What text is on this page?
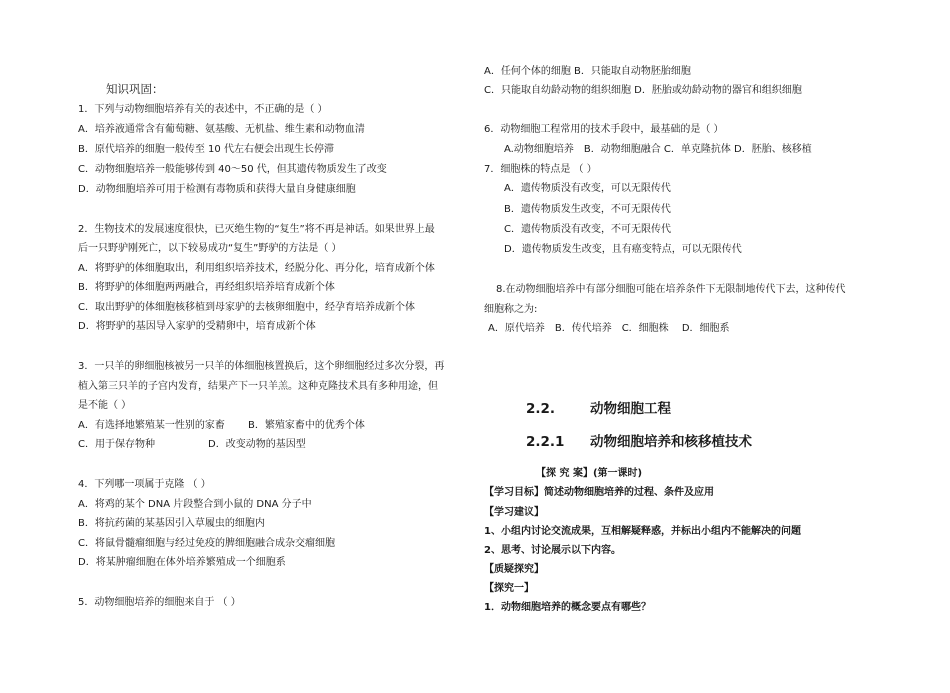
知识巩固：
1．下列与动物细胞培养有关的表述中，不正确的是（ ）
A．培养液通常含有葡萄糖、氨基酸、无机盐、维生素和动物血清
B．原代培养的细胞一般传至 10 代左右便会出现生长停滞
C．动物细胞培养一般能够传到 40～50 代，但其遗传物质发生了改变
D．动物细胞培养可用于检测有毒物质和获得大量自身健康细胞
2．生物技术的发展速度很快，已灭绝生物的“复生”将不再是神话。如果世界上最
后一只野驴刚死亡，以下较易成功“复生”野驴的方法是（ ）
A．将野驴的体细胞取出，利用组织培养技术，经脱分化、再分化，培育成新个体
B．将野驴的体细胞两两融合，再经组织培养培育成新个体
C．取出野驴的体细胞核移植到母家驴的去核卵细胞中，经孕育培养成新个体
D．将野驴的基因导入家驴的受精卵中，培育成新个体
3．一只羊的卵细胞核被另一只羊的体细胞核置换后，这个卵细胞经过多次分裂，再
植入第三只羊的子宫内发育，结果产下一只羊羔。这种克隆技术具有多种用途，但
是不能（ ）
A．有选择地繁殖某一性别的家畜 B．繁殖家畜中的优秀个体
C．用于保存物种	D．改变动物的基因型
4．下列哪一项属于克隆 （ ）
A．将鸡的某个 DNA 片段整合到小鼠的 DNA 分子中
B．将抗药菌的某基因引入草履虫的细胞内
C．将鼠骨髓瘤细胞与经过免疫的脾细胞融合成杂交瘤细胞
D．将某肿瘤细胞在体外培养繁殖成一个细胞系
5．动物细胞培养的细胞来自于 （ ）
A．任何个体的细胞 B．只能取自动物胚胎细胞
C．只能取自幼龄动物的组织细胞 D．胚胎或幼龄动物的器官和组织细胞
6．动物细胞工程常用的技术手段中，最基础的是（ ）
A.动物细胞培养　B．动物细胞融合 C．单克隆抗体 D．胚胎、核移植
7．细胞株的特点是 （ ）
A．遗传物质没有改变，可以无限传代
B．遗传物质发生改变，不可无限传代
C．遗传物质没有改变，不可无限传代
D．遗传物质发生改变，且有癌变特点，可以无限传代
8.在动物细胞培养中有部分细胞可能在培养条件下无限制地传代下去，这种传代
细胞称之为:
A．原代培养　B．传代培养　C．细胞株　 D．细胞系
2.2.	动物细胞工程
2.2.1 动物细胞培养和核移植技术
【探 究 案】(第一课时)
【学习目标】简述动物细胞培养的过程、条件及应用
【学习建议】
1、小组内讨论交流成果，互相解疑释惑，并标出小组内不能解决的问题
2、思考、讨论展示以下内容。
【质疑探究】
【探究一】
1．动物细胞培养的概念要点有哪些？
